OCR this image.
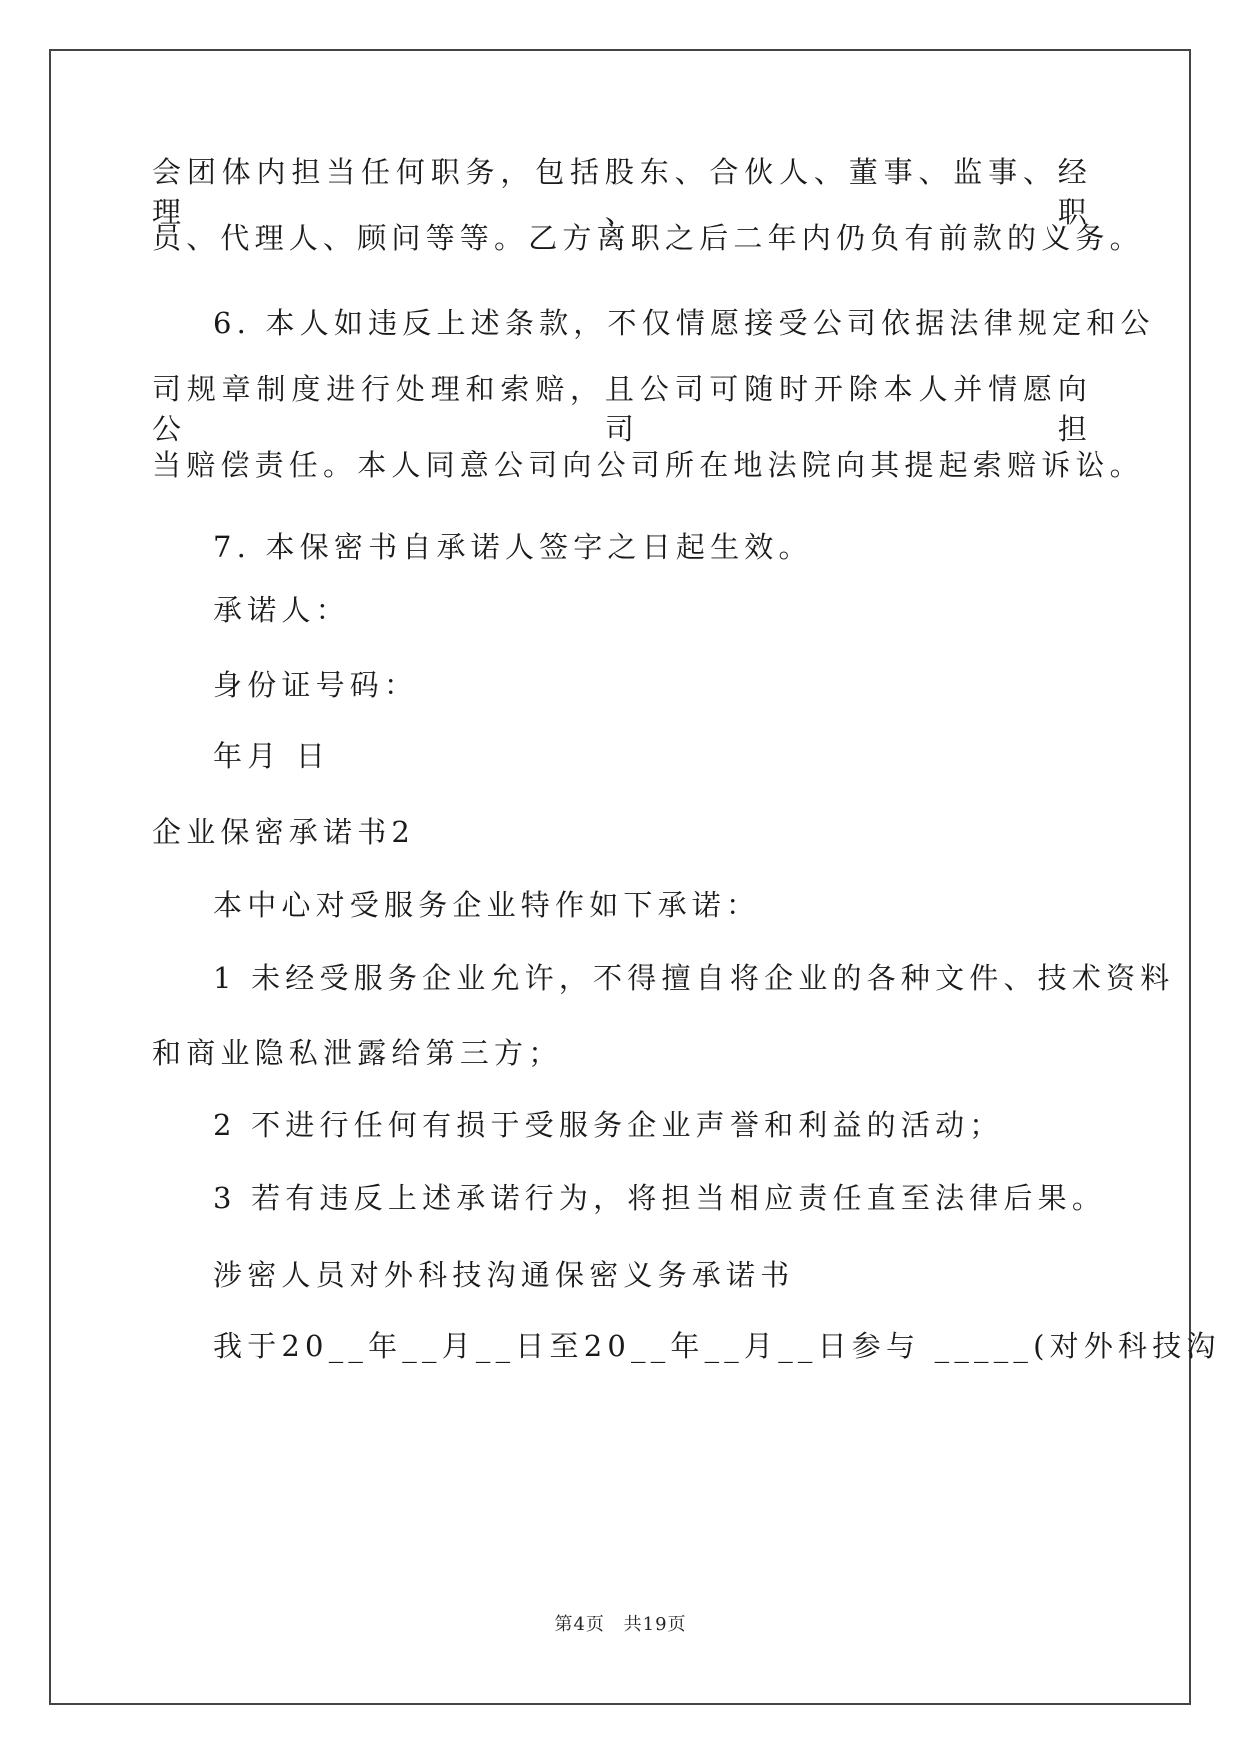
会团体内担当任何职务，包括股东、合伙人、董事、监事、经理、职
员、代理人、顾问等等。乙方离职之后二年内仍负有前款的义务。
6. 本人如违反上述条款，不仅情愿接受公司依据法律规定和公
司规章制度进行处理和索赔，且公司可随时开除本人并情愿向公司担
当赔偿责任。本人同意公司向公司所在地法院向其提起索赔诉讼。
7. 本保密书自承诺人签字之日起生效。
承诺人：
身份证号码：
年月 日
企业保密承诺书2
本中心对受服务企业特作如下承诺：
1 未经受服务企业允许，不得擅自将企业的各种文件、技术资料
和商业隐私泄露给第三方；
2 不进行任何有损于受服务企业声誉和利益的活动；
3 若有违反上述承诺行为，将担当相应责任直至法律后果。
涉密人员对外科技沟通保密义务承诺书
我于20__年__月__日至20__年__月__日参与 _____(对外科技沟
第4页 共19页
